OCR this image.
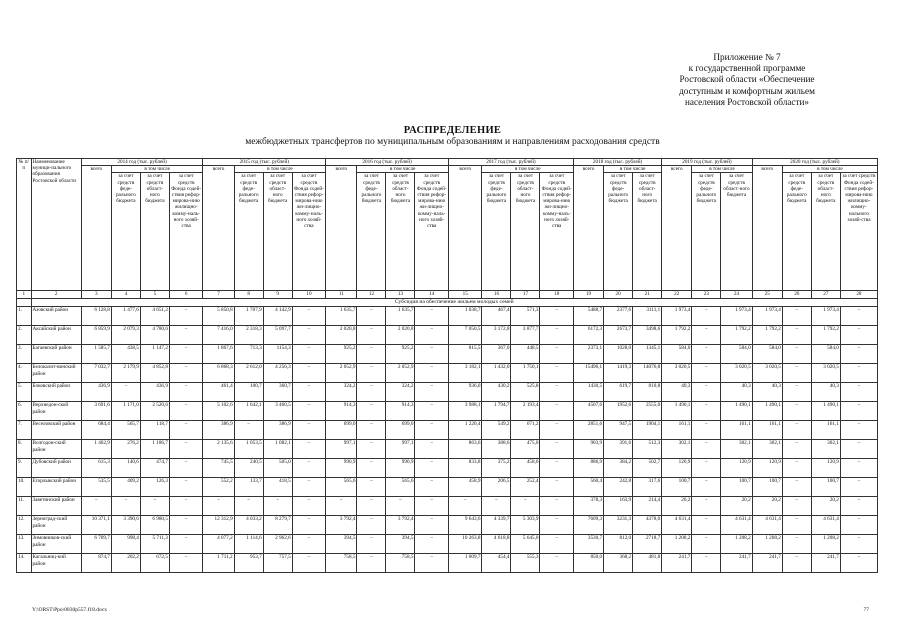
Приложение № 7
к государственной программе
Ростовской области «Обеспечение
доступным и комфортным жильем
населения Ростовской области»
РАСПРЕДЕЛЕНИЕ
межбюджетных трансфертов по муниципальным образованиям и направлениям расходования средств
№ п/п	Наименование муници-пального образования Ростовской области	2014 год (тыс. рублей)				2015 год (тыс. рублей)				2016 год (тыс. рублей)				2017 год (тыс. рублей)				2018 год (тыс. рублей)			2019 год (тыс. рублей)			2020 год (тыс. рублей)			
		всего	в том числе			всего	в том числе			всего	в том числе			всего	в том числе			всего	в том числе		всего	в том числе		всего	в том числе		
			за счет средств феде-рального бюджета	за счет средств област-ного бюджета	за счет средств Фонда содей-ствия рефор-мирова-нию жилищно-комму-наль-ного хозяй-ства		за счет средств феде-рального бюджета	за счет средств област-ного бюджета	за счет средств Фонда содей-ствия рефор-мирова-нию жи-лищно-комму-наль-ного хозяй-ства		за счет средств феде-рального бюджета	за счет средств област-ного бюджета	за счет средств Фонда содей-ствия рефор-мирова-нию жи-лищно-комму-наль-ного хозяй-ства		за счет средств феде-рального бюджета	за счет средств област-ного бюджета	за счет средств Фонда содей-ствия рефор-мирова-нию жи-лищно-комму-наль-ного хозяй-ства		за счет средств феде-рального бюджета	за счет средств област-ного бюджета		за счет средств феде-рального бюджета	за счет средств област-ного бюджета		за счет средств феде-рального бюджета	за счет средств област-ного бюджета	за счет средств Фонда содей-ствия рефор-мирова-нию жилищно-комму-нального хозяй-ства
1	2	3	4	5	6	7	8	9	10	11	12	13	14	15	16	17	18	19	20	21	22	23	24	25	26	27	28
	Субсидия на обеспечение жильем молодых семей																										
1.	Азовский район	6 128,8	1 477,6	4 651,2	–	5 850,8	1 707,9	4 142,9	–	1 635,7	–	1 635,7	–	1 038,7	467,4	571,3	–	5488,7	2377,6	3111,1	1 973,4	–	1 973,4	1 973,4	–	1 973,4	–
2.	Аксайский район	6 859,9	2 079,3	4 780,6	–	7 416,0	2 318,3	5 097,7	–	2 020,8	–	2 020,8	–	7 050,5	3 172,8	3 877,7	–	6172,3	2673,7	3498,6	1 792,2	–	1 792,2	1 792,2	–	1 792,2	–
3.	Багаевский район	1 585,7	438,5	1 147,2	–	1 867,6	713,3	1154,3	–	925,2	–	925,2	–	815,5	367,0	448,5	–	2373,1	1028,0	1345,1	584,0	–	584,0	584,0	–	584,0	–
4.	Белокалит-винский район	7 032,7	2 179,9	4 852,8	–	6 868,3	2 612,0	4 256,3	–	2 052,9	–	2 052,9	–	3 182,1	1 432,0	1 750,1	–	15496,1	1419,3	14076,8	3 020,5	–	3 020,5	3 020,5	–	3 020,5	–
5.	Боковский район	436,9	–	436,9	–	461,4	100,7	360,7	–	324,2	–	324,2	–	936,0	430,2	525,8	–	1430,5	619,7	810,8	40,3	–	40,3	40,3	–	40,3	–
6.	Верхнедон-ской район	3 691,6	1 171,0	2 520,6	–	5 102,6	1 642,1	3 460,5	–	914,3	–	914,3	–	3 988,1	1 794,7	2 193,4	–	4507,6	1952,6	2555,0	1 490,1	–	1 490,1	1 490,1	–	1 490,1	–
7.	Веселовский район	684,4	565,7	118,7	–	386,9	–	386,9	–	699,0	–	699,0	–	1 220,4	549,2	671,2	–	2851,6	947,5	1904,1	161,1	–	161,1	161,1	–	161,1	–
8.	Волгодон-ский район	1 462,9	276,2	1 186,7	–	2 135,6	1 053,5	1 082,1	–	997,1	–	997,1	–	863,6	388,6	475,0	–	903,9	391,6	512,3	302,1	–	302,1	302,1	–	302,1	–
9.	Дубовский район	615,3	140,6	474,7	–	745,5	240,5	505,0	–	990,9	–	990,9	–	833,8	375,2	458,6	–	886,9	384,2	502,7	120,9	–	120,9	120,9	–	120,9	–
10.	Егорлыкский район	535,5	409,2	126,3	–	552,2	133,7	418,5	–	565,6	–	565,6	–	458,9	206,5	252,4	–	560,4	242,8	317,6	100,7	–	100,7	100,7	–	100,7	–
11.	Заветинский район	–	–	–	–	–	–	–	–	–	–	–	–	–	–	–	–	378,3	163,9	214,4	20,2	–	20,2	20,2	–	20,2	–
12.	Зерноград-ский район	10 371,1	3 390,6	6 980,5	–	12 312,9	4 033,2	8 279,7	–	3 792,4	–	3 792,4	–	9 643,6	4 339,7	5 303,9	–	7609,3	3231,3	4378,0	4 631,4	–	4 631,4	4 631,4	–	4 631,4	–
13.	Зимовников-ский район	6 709,7	998,4	5 711,3	–	4 077,2	1 114,6	2 962,6	–	394,5	–	394,5	–	10 263,8	4 618,8	5 645,0	–	3530,7	812,0	2718,7	1 208,2	–	1 208,2	1 208,2	–	1 208,2	–
14.	Кагальниц-кий район	874,7	202,2	672,5	–	1 711,2	953,7	757,5	–	758,5	–	758,5	–	1 009,7	454,4	555,3	–	850,0	368,2	481,8	241,7	–	241,7	241,7	–	241,7	–
Y:\ORST\Ppo\0830p557.f18.docx	77
